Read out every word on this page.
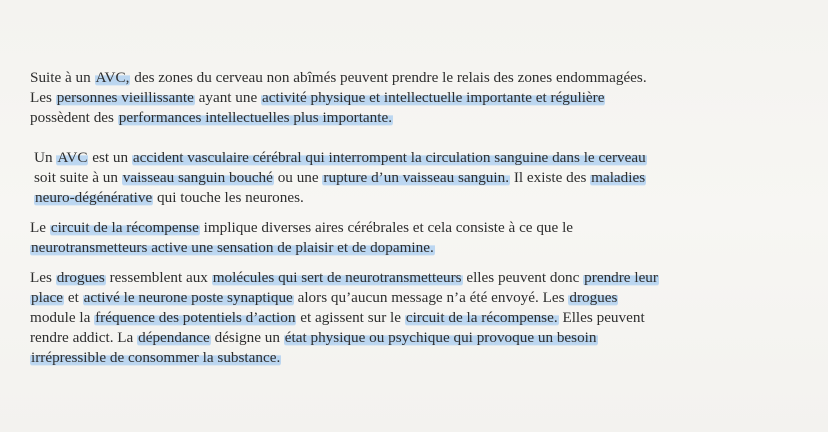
Suite à un AVC, des zones du cerveau non abîmés peuvent prendre le relais des zones endommagées.
Les personnes vieillissante ayant une activité physique et intellectuelle importante et régulière
possèdent des performances intellectuelles plus importante.
Un AVC est un accident vasculaire cérébral qui interrompent la circulation sanguine dans le cerveau
soit suite à un vaisseau sanguin bouché ou une rupture d’un vaisseau sanguin. Il existe des maladies
neuro-dégénérative qui touche les neurones.
Le circuit de la récompense implique diverses aires cérébrales et cela consiste à ce que le
neurotransmetteurs active une sensation de plaisir et de dopamine.
Les drogues ressemblent aux molécules qui sert de neurotransmetteurs elles peuvent donc prendre leur
place et activé le neurone poste synaptique alors qu’aucun message n’a été envoyé. Les drogues
module la fréquence des potentiels d’action et agissent sur le circuit de la récompense. Elles peuvent
rendre addict. La dépendance désigne un état physique ou psychique qui provoque un besoin
irrépressible de consommer la substance.
